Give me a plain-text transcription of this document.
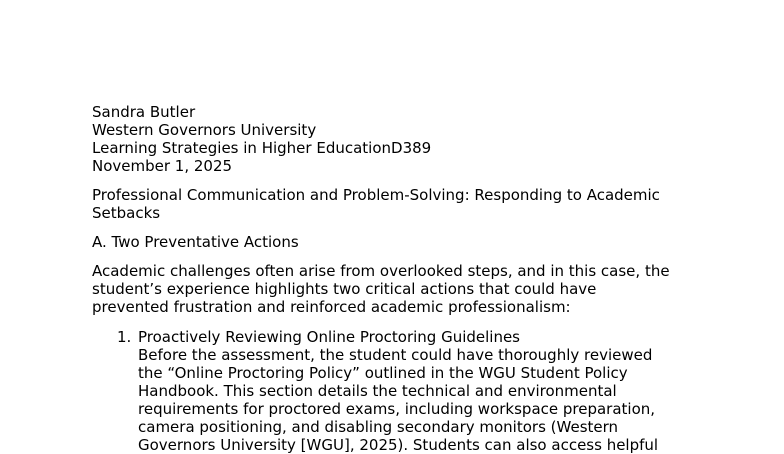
Sandra Butler
Western Governors University
Learning Strategies in Higher EducationD389
November 1, 2025
Professional Communication and Problem-Solving: Responding to Academic
Setbacks
A. Two Preventative Actions
Academic challenges often arise from overlooked steps, and in this case, the
student’s experience highlights two critical actions that could have
prevented frustration and reinforced academic professionalism:
1. Proactively Reviewing Online Proctoring Guidelines
Before the assessment, the student could have thoroughly reviewed
the “Online Proctoring Policy” outlined in the WGU Student Policy
Handbook. This section details the technical and environmental
requirements for proctored exams, including workspace preparation,
camera positioning, and disabling secondary monitors (Western
Governors University [WGU], 2025). Students can also access helpful
